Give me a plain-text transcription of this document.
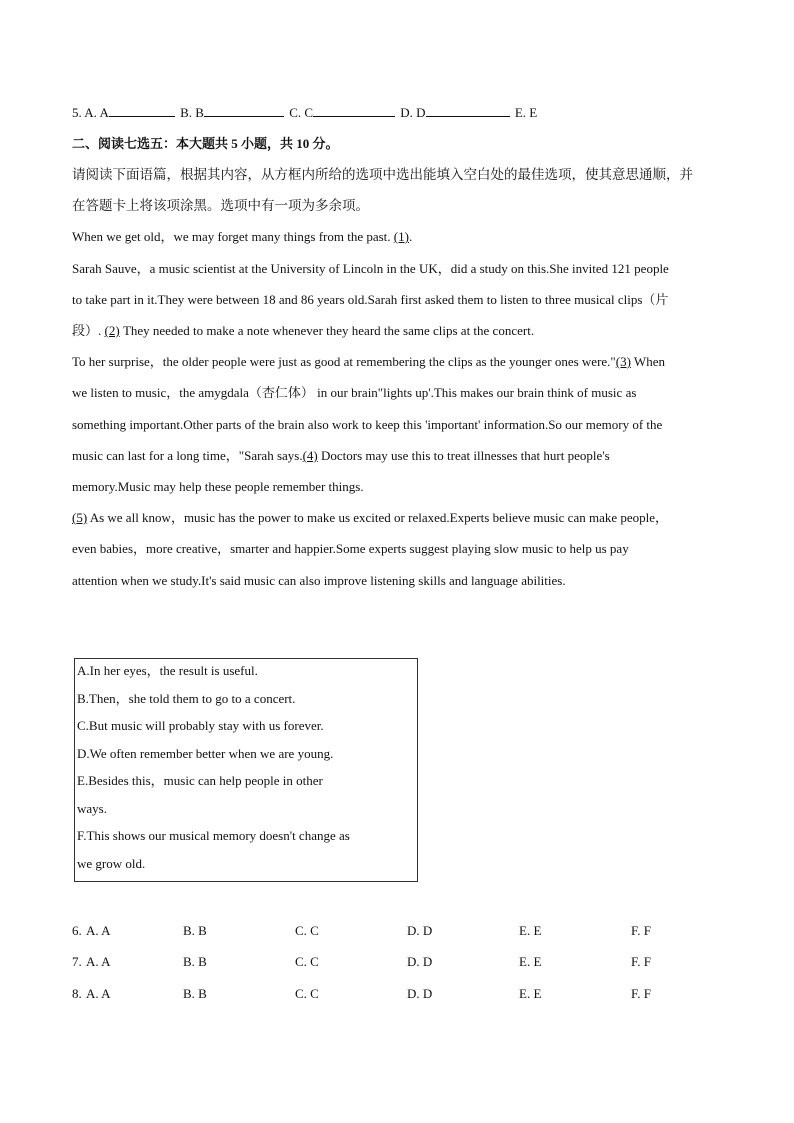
5. A. A	B. B	C. C	D. D	E. E
二、阅读七选五：本大题共 5 小题，共 10 分。
请阅读下面语篇，根据其内容，从方框内所给的选项中选出能填入空白处的最佳选项，使其意思通顺，并
在答题卡上将该项涂黑。选项中有一项为多余项。
When we get old，we may forget many things from the past. (1).
Sarah Sauve，a music scientist at the University of Lincoln in the UK，did a study on this.She invited 121 people
to take part in it.They were between 18 and 86 years old.Sarah first asked them to listen to three musical clips（片
段）. (2) They needed to make a note whenever they heard the same clips at the concert.
To her surprise，the older people were just as good at remembering the clips as the younger ones were."(3) When
we listen to music，the amygdala（杏仁体） in our brain"lights up'.This makes our brain think of music as
something important.Other parts of the brain also work to keep this 'important' information.So our memory of the
music can last for a long time，"Sarah says.(4) Doctors may use this to treat illnesses that hurt people's
memory.Music may help these people remember things.
(5) As we all know，music has the power to make us excited or relaxed.Experts believe music can make people，
even babies，more creative，smarter and happier.Some experts suggest playing slow music to help us pay
attention when we study.It's said music can also improve listening skills and language abilities.
A.In her eyes，the result is useful.
B.Then，she told them to go to a concert.
C.But music will probably stay with us forever.
D.We often remember better when we are young.
E.Besides this，music can help people in other
ways.
F.This shows our musical memory doesn't change as
we grow old.
6. A. A	B. B	C. C	D. D	E. E	F. F
7. A. A	B. B	C. C	D. D	E. E	F. F
8. A. A	B. B	C. C	D. D	E. E	F. F
